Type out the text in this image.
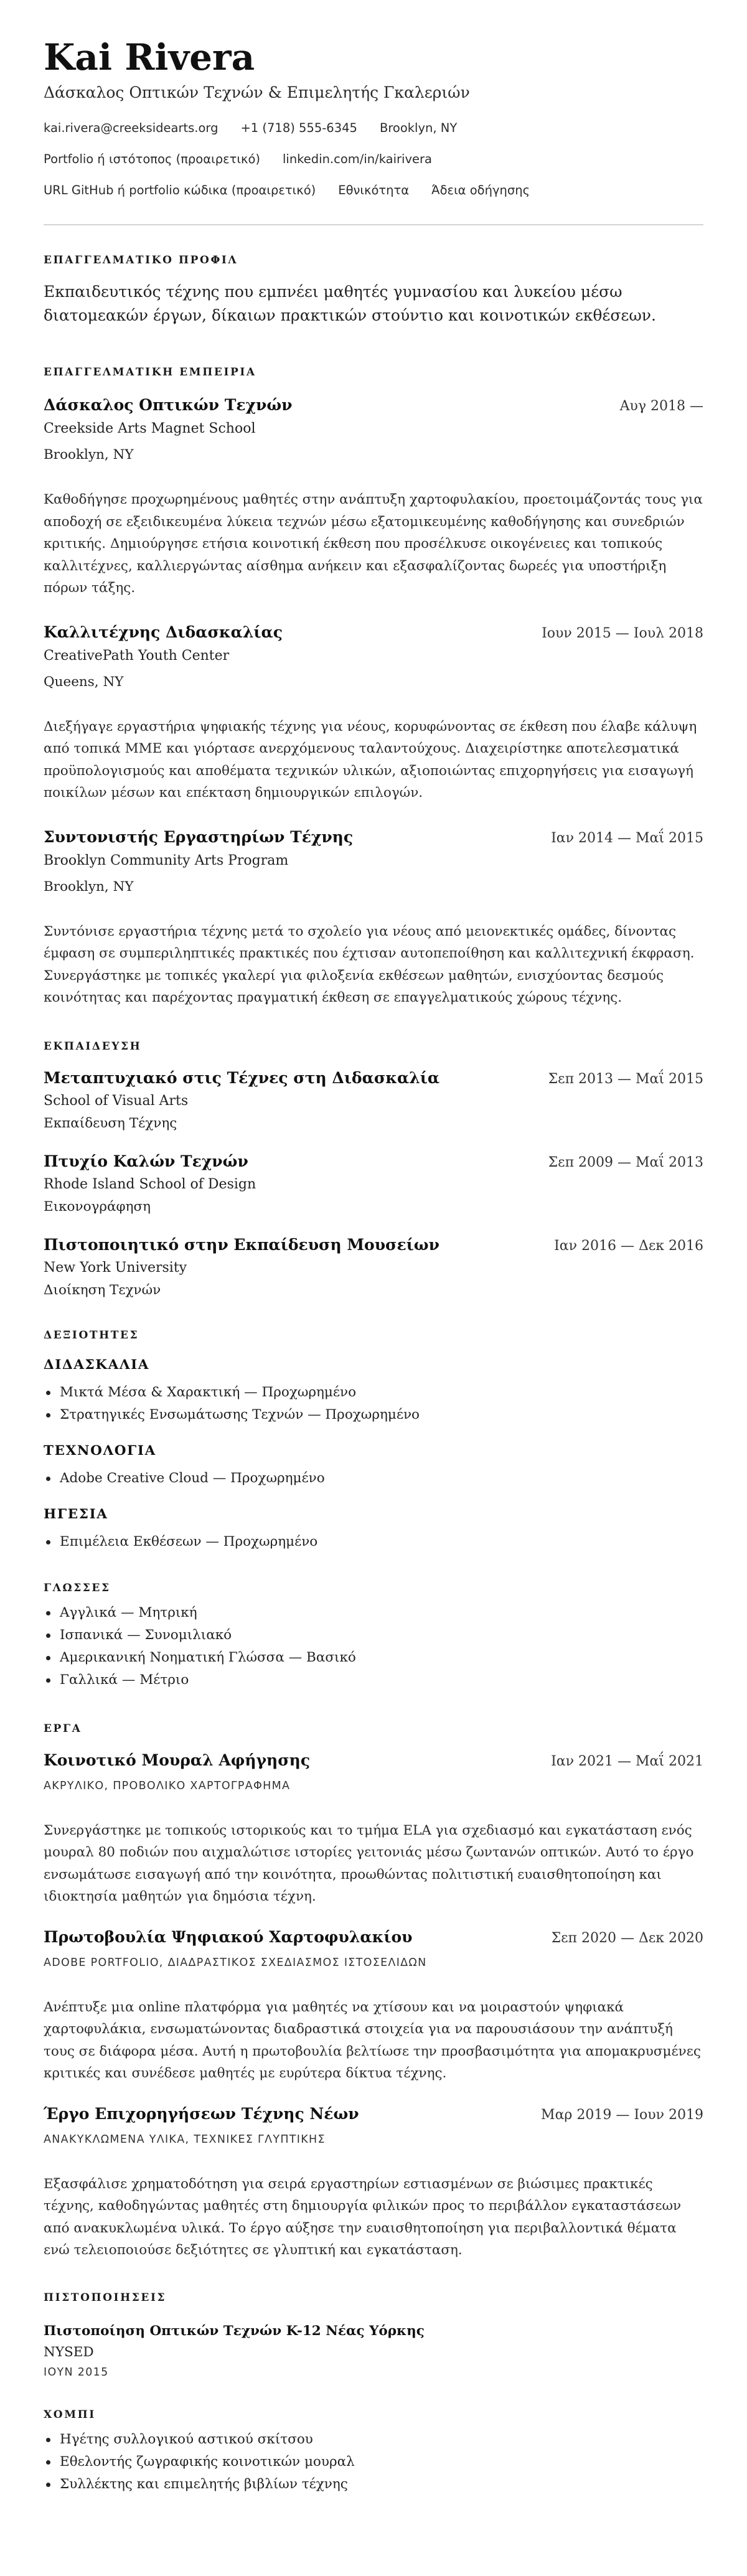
Kai Rivera
Δάσκαλος Οπτικών Τεχνών & Επιμελητής Γκαλεριών
kai.rivera@creeksidearts.org +1 (718) 555-6345 Brooklyn, NY
Portfolio ή ιστότοπος (προαιρετικό) linkedin.com/in/kairivera
URL GitHub ή portfolio κώδικα (προαιρετικό) Εθνικότητα Άδεια οδήγησης
ΕΠΑΓΓΕΛΜΑΤΙΚΟ ΠΡΟΦΙΛ

Εκπαιδευτικός τέχνης που εμπνέει μαθητές γυμνασίου και λυκείου μέσω διατομεακών έργων, δίκαιων πρακτικών στούντιο και κοινοτικών εκθέσεων.

ΕΠΑΓΓΕΛΜΑΤΙΚΗ ΕΜΠΕΙΡΙΑ
Δάσκαλος Οπτικών Τεχνών	Αυγ 2018 —
Creekside Arts Magnet School
Brooklyn, NY

Καθοδήγησε προχωρημένους μαθητές στην ανάπτυξη χαρτοφυλακίου, προετοιμάζοντάς τους για αποδοχή σε εξειδικευμένα λύκεια τεχνών μέσω εξατομικευμένης καθοδήγησης και συνεδριών κριτικής. Δημιούργησε ετήσια κοινοτική έκθεση που προσέλκυσε οικογένειες και τοπικούς καλλιτέχνες, καλλιεργώντας αίσθημα ανήκειν και εξασφαλίζοντας δωρεές για υποστήριξη πόρων τάξης.

Καλλιτέχνης Διδασκαλίας	Ιουν 2015 — Ιουλ 2018
CreativePath Youth Center
Queens, NY

Διεξήγαγε εργαστήρια ψηφιακής τέχνης για νέους, κορυφώνοντας σε έκθεση που έλαβε κάλυψη από τοπικά ΜΜΕ και γιόρτασε ανερχόμενους ταλαντούχους. Διαχειρίστηκε αποτελεσματικά προϋπολογισμούς και αποθέματα τεχνικών υλικών, αξιοποιώντας επιχορηγήσεις για εισαγωγή ποικίλων μέσων και επέκταση δημιουργικών επιλογών.

Συντονιστής Εργαστηρίων Τέχνης	Ιαν 2014 — Μαΐ 2015
Brooklyn Community Arts Program
Brooklyn, NY

Συντόνισε εργαστήρια τέχνης μετά το σχολείο για νέους από μειονεκτικές ομάδες, δίνοντας έμφαση σε συμπεριληπτικές πρακτικές που έχτισαν αυτοπεποίθηση και καλλιτεχνική έκφραση. Συνεργάστηκε με τοπικές γκαλερί για φιλοξενία εκθέσεων μαθητών, ενισχύοντας δεσμούς κοινότητας και παρέχοντας πραγματική έκθεση σε επαγγελματικούς χώρους τέχνης.

ΕΚΠΑΙΔΕΥΣΗ
Μεταπτυχιακό στις Τέχνες στη Διδασκαλία	Σεπ 2013 — Μαΐ 2015
School of Visual Arts
Εκπαίδευση Τέχνης
Πτυχίο Καλών Τεχνών	Σεπ 2009 — Μαΐ 2013
Rhode Island School of Design
Εικονογράφηση
Πιστοποιητικό στην Εκπαίδευση Μουσείων	Ιαν 2016 — Δεκ 2016
New York University
Διοίκηση Τεχνών
ΔΕΞΙΟΤΗΤΕΣ
ΔΙΔΑΣΚΑΛΙΑ
Μικτά Μέσα & Χαρακτική — Προχωρημένο
Στρατηγικές Ενσωμάτωσης Τεχνών — Προχωρημένο
ΤΕΧΝΟΛΟΓΙΑ
Adobe Creative Cloud — Προχωρημένο
ΗΓΕΣΙΑ
Επιμέλεια Εκθέσεων — Προχωρημένο
ΓΛΩΣΣΕΣ
Αγγλικά — Μητρική
Ισπανικά — Συνομιλιακό
Αμερικανική Νοηματική Γλώσσα — Βασικό
Γαλλικά — Μέτριο
ΕΡΓΑ
Κοινοτικό Μουραλ Αφήγησης	Ιαν 2021 — Μαΐ 2021
ΑΚΡΥΛΙΚΟ, ΠΡΟΒΟΛΙΚΟ ΧΑΡΤΟΓΡΑΦΗΜΑ

Συνεργάστηκε με τοπικούς ιστορικούς και το τμήμα ELA για σχεδιασμό και εγκατάσταση ενός μουραλ 80 ποδιών που αιχμαλώτισε ιστορίες γειτονιάς μέσω ζωντανών οπτικών. Αυτό το έργο ενσωμάτωσε εισαγωγή από την κοινότητα, προωθώντας πολιτιστική ευαισθητοποίηση και ιδιοκτησία μαθητών για δημόσια τέχνη.

Πρωτοβουλία Ψηφιακού Χαρτοφυλακίου	Σεπ 2020 — Δεκ 2020
ADOBE PORTFOLIO, ΔΙΑΔΡΑΣΤΙΚΟΣ ΣΧΕΔΙΑΣΜΟΣ ΙΣΤΟΣΕΛΙΔΩΝ

Ανέπτυξε μια online πλατφόρμα για μαθητές να χτίσουν και να μοιραστούν ψηφιακά χαρτοφυλάκια, ενσωματώνοντας διαδραστικά στοιχεία για να παρουσιάσουν την ανάπτυξή τους σε διάφορα μέσα. Αυτή η πρωτοβουλία βελτίωσε την προσβασιμότητα για απομακρυσμένες κριτικές και συνέδεσε μαθητές με ευρύτερα δίκτυα τέχνης.

Έργο Επιχορηγήσεων Τέχνης Νέων	Μαρ 2019 — Ιουν 2019
ΑΝΑΚΥΚΛΩΜΕΝΑ ΥΛΙΚΑ, ΤΕΧΝΙΚΕΣ ΓΛΥΠΤΙΚΗΣ

Εξασφάλισε χρηματοδότηση για σειρά εργαστηρίων εστιασμένων σε βιώσιμες πρακτικές τέχνης, καθοδηγώντας μαθητές στη δημιουργία φιλικών προς το περιβάλλον εγκαταστάσεων από ανακυκλωμένα υλικά. Το έργο αύξησε την ευαισθητοποίηση για περιβαλλοντικά θέματα ενώ τελειοποιούσε δεξιότητες σε γλυπτική και εγκατάσταση.

ΠΙΣΤΟΠΟΙΗΣΕΙΣ
Πιστοποίηση Οπτικών Τεχνών K-12 Νέας Υόρκης
NYSED
ΙΟΥΝ 2015
ΧΟΜΠΙ
Ηγέτης συλλογικού αστικού σκίτσου
Εθελοντής ζωγραφικής κοινοτικών μουραλ
Συλλέκτης και επιμελητής βιβλίων τέχνης
